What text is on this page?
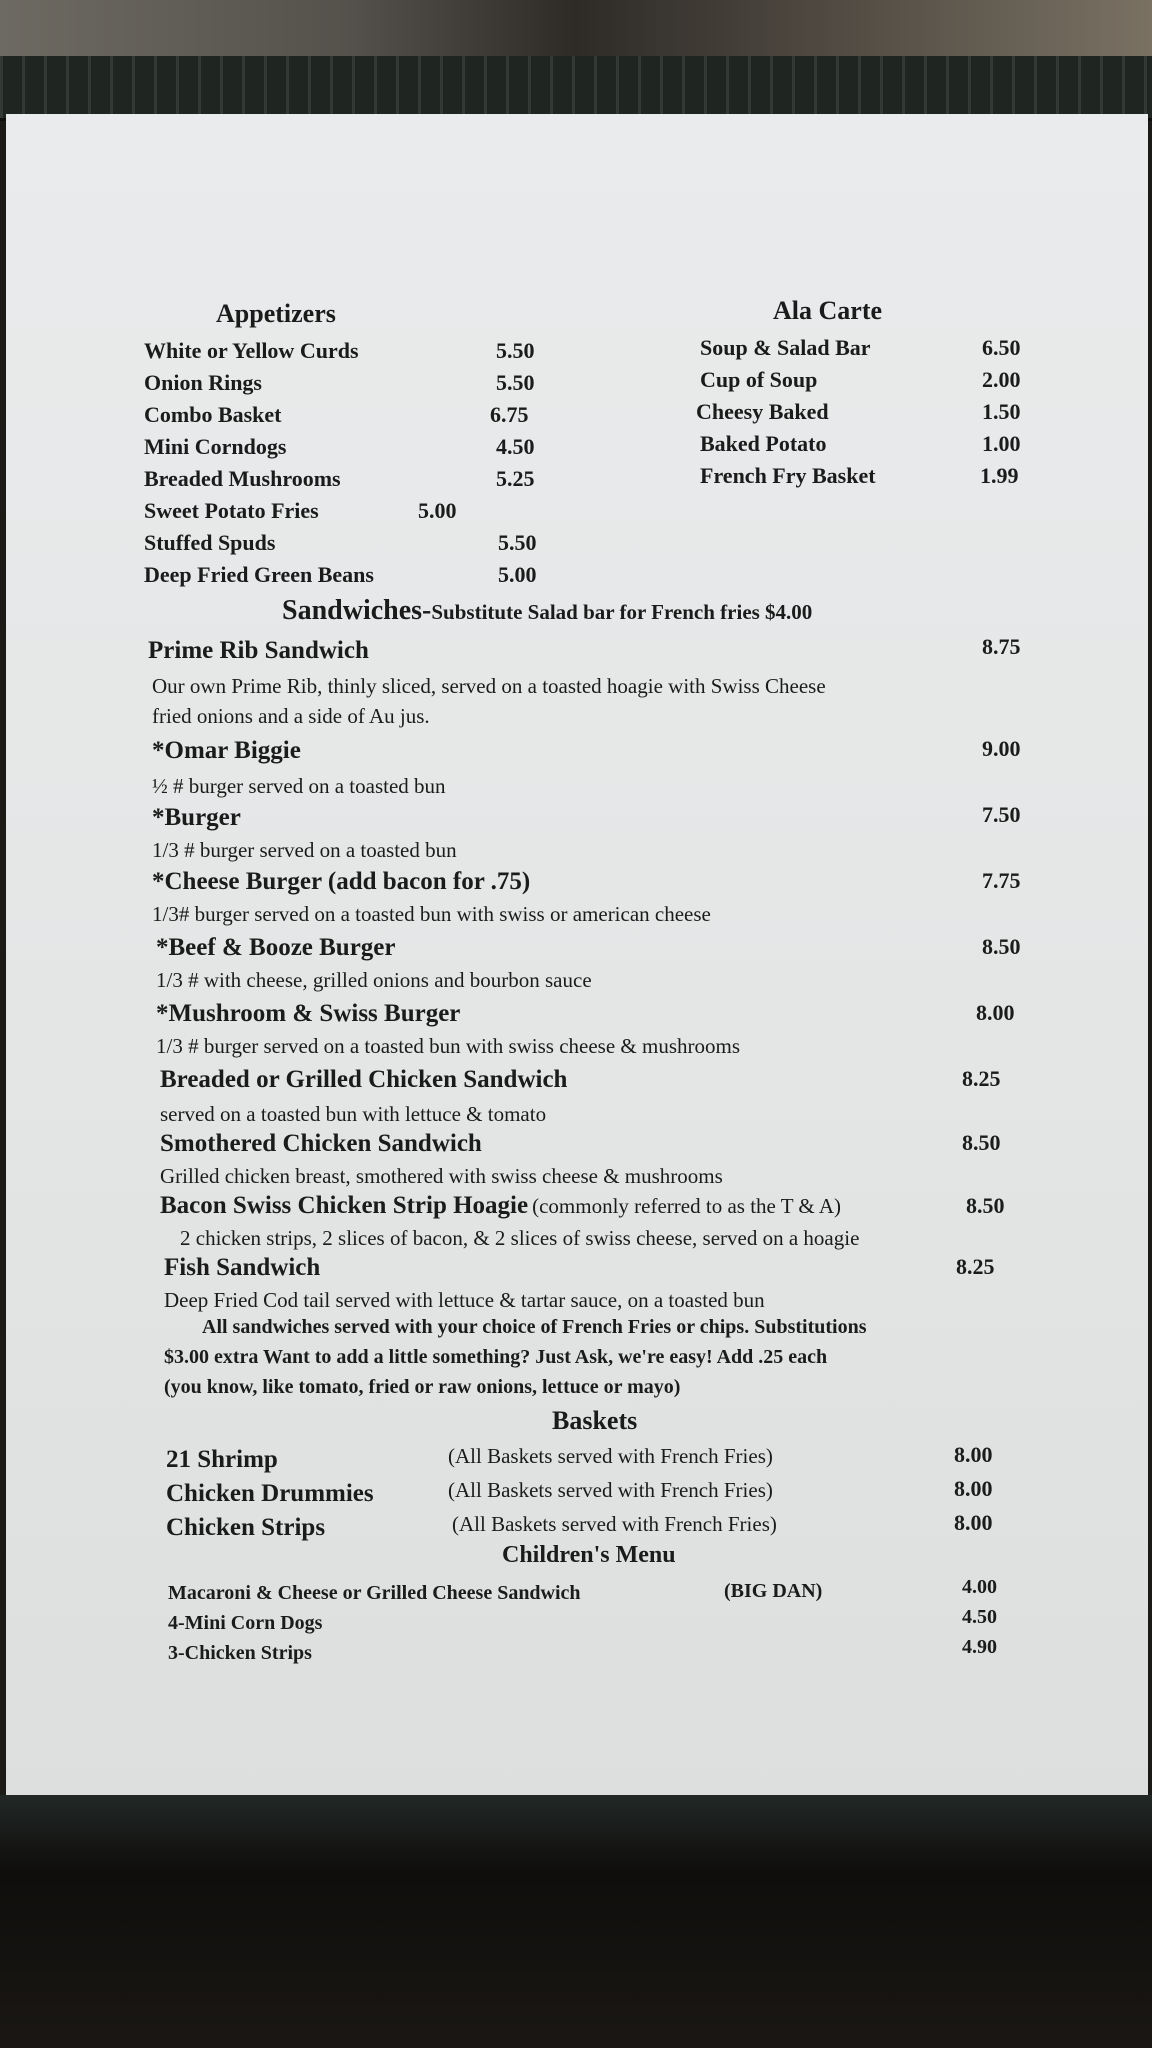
Appetizers
White or Yellow Curds	5.50
Onion Rings	5.50
Combo Basket	6.75
Mini Corndogs	4.50
Breaded Mushrooms	5.25
Sweet Potato Fries	5.00
Stuffed Spuds	5.50
Deep Fried Green Beans	5.00
Ala Carte
Soup & Salad Bar	6.50
Cup of Soup	2.00
Cheesy Baked	1.50
Baked Potato	1.00
French Fry Basket	1.99
Sandwiches-Substitute Salad bar for French fries $4.00
Prime Rib Sandwich	8.75
Our own Prime Rib, thinly sliced, served on a toasted hoagie with Swiss Cheese
fried onions and a side of Au jus.
*Omar Biggie	9.00
½ # burger served on a toasted bun
*Burger	7.50
1/3 # burger served on a toasted bun
*Cheese Burger (add bacon for .75)	7.75
1/3# burger served on a toasted bun with swiss or american cheese
*Beef & Booze Burger	8.50
1/3 # with cheese, grilled onions and bourbon sauce
*Mushroom & Swiss Burger	8.00
1/3 # burger served on a toasted bun with swiss cheese & mushrooms
Breaded or Grilled Chicken Sandwich	8.25
served on a toasted bun with lettuce & tomato
Smothered Chicken Sandwich	8.50
Grilled chicken breast, smothered with swiss cheese & mushrooms
Bacon Swiss Chicken Strip Hoagie (commonly referred to as the T & A)	8.50
2 chicken strips, 2 slices of bacon, & 2 slices of swiss cheese, served on a hoagie
Fish Sandwich	8.25
Deep Fried Cod tail served with lettuce & tartar sauce, on a toasted bun
All sandwiches served with your choice of French Fries or chips. Substitutions
$3.00 extra Want to add a little something? Just Ask, we're easy! Add .25 each
(you know, like tomato, fried or raw onions, lettuce or mayo)
Baskets
21 Shrimp	(All Baskets served with French Fries)	8.00
Chicken Drummies	(All Baskets served with French Fries)	8.00
Chicken Strips	(All Baskets served with French Fries)	8.00
Children's Menu
Macaroni & Cheese or Grilled Cheese Sandwich	(BIG DAN)	4.00
4-Mini Corn Dogs	4.50
3-Chicken Strips	4.90
